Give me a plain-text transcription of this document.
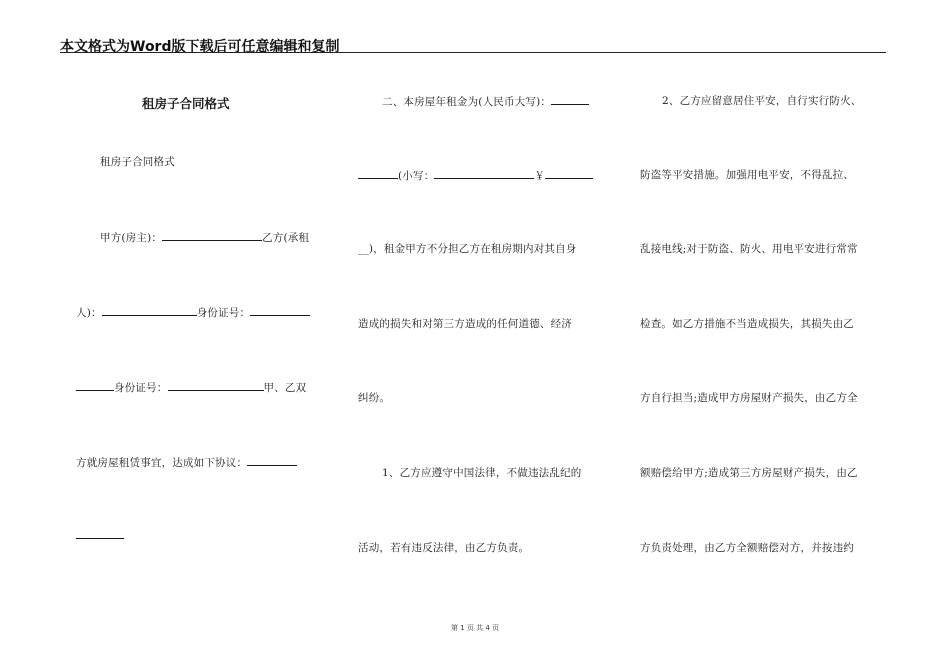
本文格式为Word版下载后可任意编辑和复制
租房子合同格式
租房子合同格式
甲方(房主)：	乙方(承租
人)：	身份证号：
身份证号：	甲、乙双
方就房屋租赁事宜，达成如下协议：
二、本房屋年租金为(人民币大写)：
(小写：	￥
__)，租金甲方不分担乙方在租房期内对其自身
造成的损失和对第三方造成的任何道德、经济
纠纷。
1、乙方应遵守中国法律，不做违法乱纪的
活动，若有违反法律，由乙方负责。
2、乙方应留意居住平安，自行实行防火、
防盗等平安措施。加强用电平安，不得乱拉、
乱接电线;对于防盗、防火、用电平安进行常常
检查。如乙方措施不当造成损失，其损失由乙
方自行担当;造成甲方房屋财产损失，由乙方全
额赔偿给甲方;造成第三方房屋财产损失，由乙
方负责处理，由乙方全额赔偿对方，并按违约
第 1 页 共 4 页
